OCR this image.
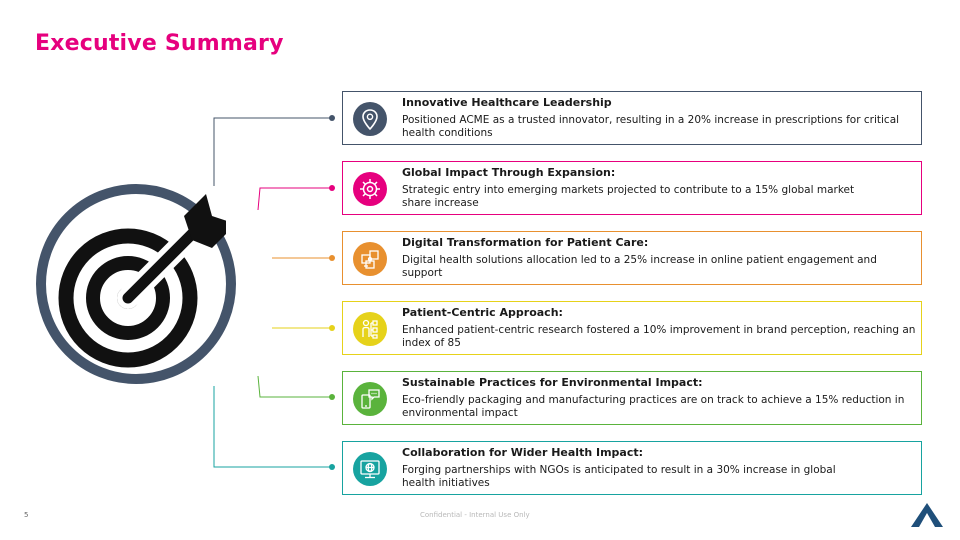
Executive Summary
Innovative Healthcare Leadership
Positioned ACME as a trusted innovator, resulting in a 20% increase in prescriptions for critical health conditions
Global Impact Through Expansion:
Strategic entry into emerging markets projected to contribute to a 15% global market share increase
Digital Transformation for Patient Care:
Digital health solutions allocation led to a 25% increase in online patient engagement and support
Patient-Centric Approach:
Enhanced patient-centric research fostered a 10% improvement in brand perception, reaching an index of 85
Sustainable Practices for Environmental Impact:
Eco-friendly packaging and manufacturing practices are on track to achieve a 15% reduction in environmental impact
Collaboration for Wider Health Impact:
Forging partnerships with NGOs is anticipated to result in a 30% increase in global health initiatives
5	Confidential - Internal Use Only
